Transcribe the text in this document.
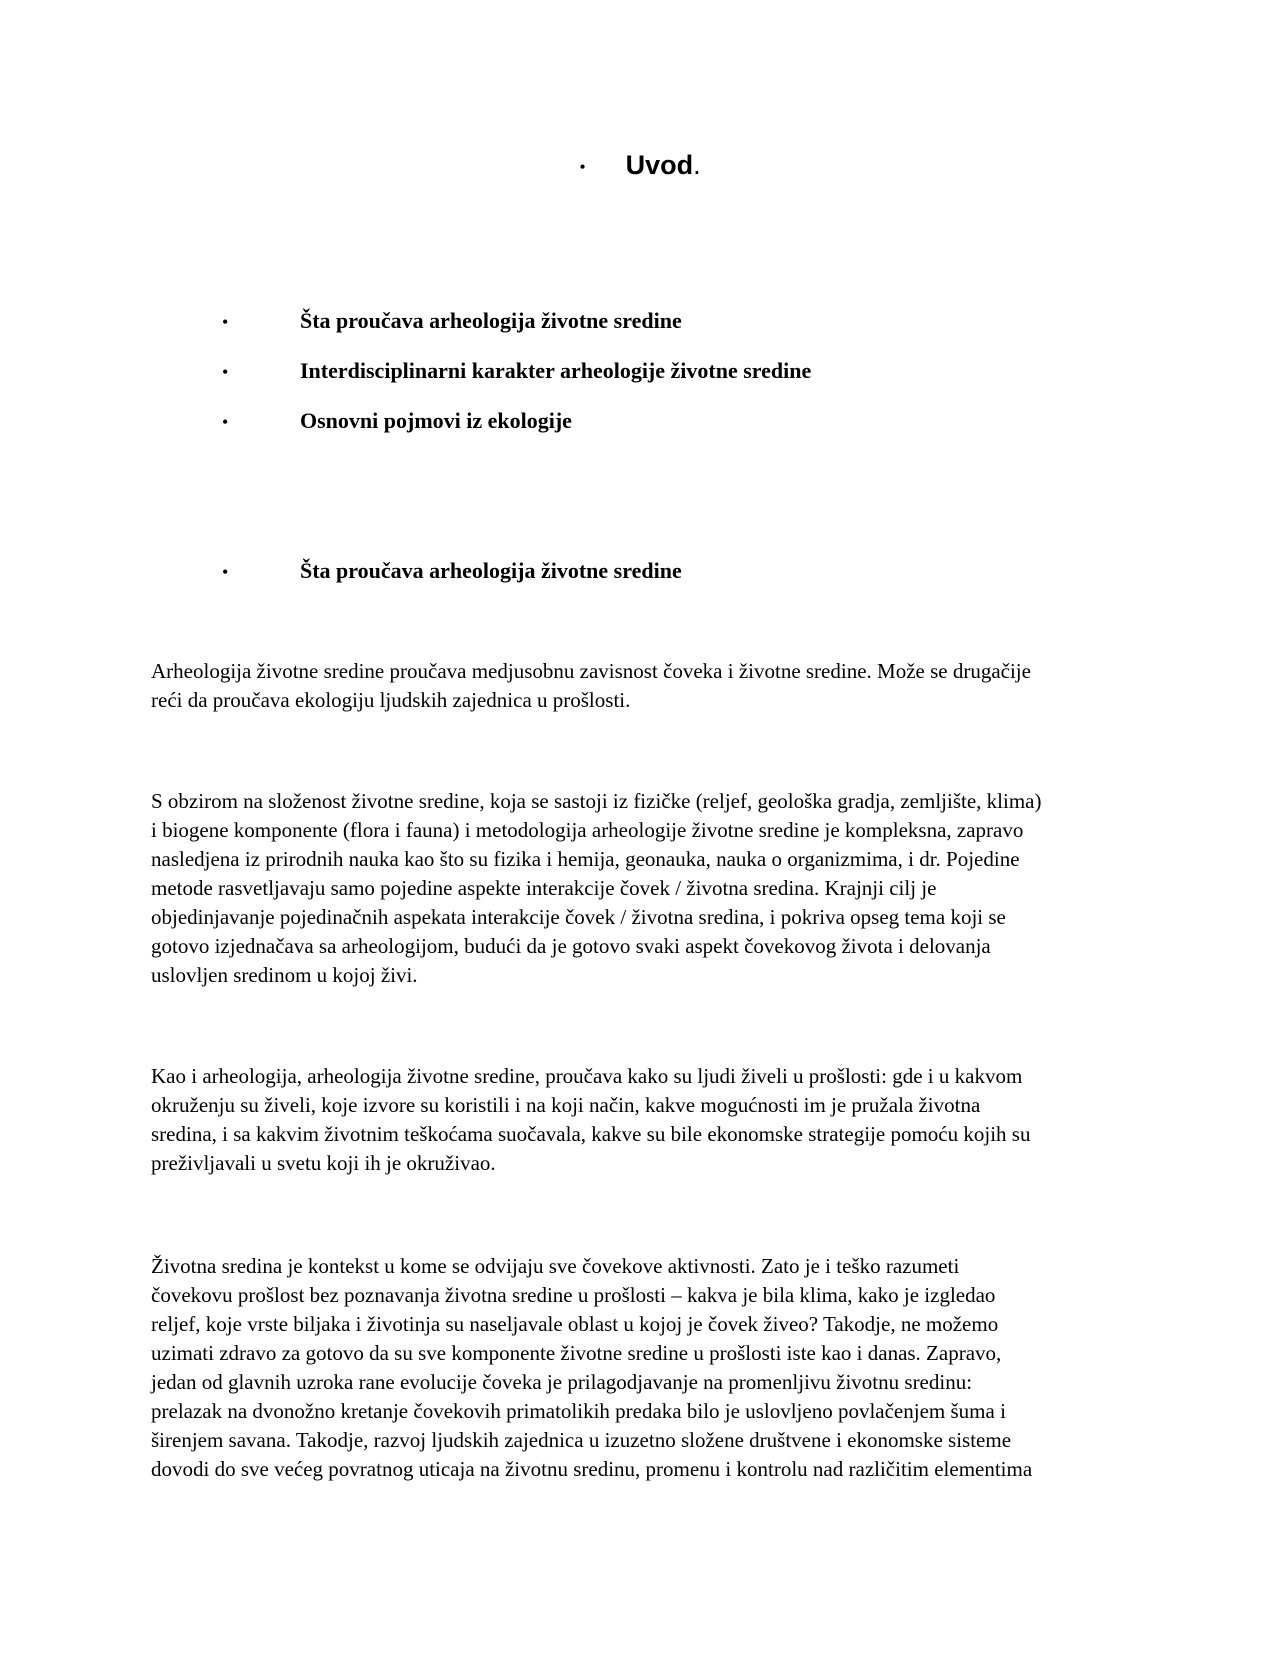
• Uvod.
•	Šta proučava arheologija životne sredine
•	Interdisciplinarni karakter arheologije životne sredine
•	Osnovni pojmovi iz ekologije
•	Šta proučava arheologija životne sredine

Arheologija životne sredine proučava medjusobnu zavisnost čoveka i životne sredine. Može se drugačije
reći da proučava ekologiju ljudskih zajednica u prošlosti.

S obzirom na složenost životne sredine, koja se sastoji iz fizičke (reljef, geološka gradja, zemljište, klima)
i biogene komponente (flora i fauna) i metodologija arheologije životne sredine je kompleksna, zapravo
nasledjena iz prirodnih nauka kao što su fizika i hemija, geonauka, nauka o organizmima, i dr. Pojedine
metode rasvetljavaju samo pojedine aspekte interakcije čovek / životna sredina. Krajnji cilj je
objedinjavanje pojedinačnih aspekata interakcije čovek / životna sredina, i pokriva opseg tema koji se
gotovo izjednačava sa arheologijom, budući da je gotovo svaki aspekt čovekovog života i delovanja
uslovljen sredinom u kojoj živi.

Kao i arheologija, arheologija životne sredine, proučava kako su ljudi živeli u prošlosti: gde i u kakvom
okruženju su živeli, koje izvore su koristili i na koji način, kakve mogućnosti im je pružala životna
sredina, i sa kakvim životnim teškoćama suočavala, kakve su bile ekonomske strategije pomoću kojih su
preživljavali u svetu koji ih je okruživao.

Životna sredina je kontekst u kome se odvijaju sve čovekove aktivnosti. Zato je i teško razumeti
čovekovu prošlost bez poznavanja životna sredine u prošlosti – kakva je bila klima, kako je izgledao
reljef, koje vrste biljaka i životinja su naseljavale oblast u kojoj je čovek živeo? Takodje, ne možemo
uzimati zdravo za gotovo da su sve komponente životne sredine u prošlosti iste kao i danas. Zapravo,
jedan od glavnih uzroka rane evolucije čoveka je prilagodjavanje na promenljivu životnu sredinu:
prelazak na dvonožno kretanje čovekovih primatolikih predaka bilo je uslovljeno povlačenjem šuma i
širenjem savana. Takodje, razvoj ljudskih zajednica u izuzetno složene društvene i ekonomske sisteme
dovodi do sve većeg povratnog uticaja na životnu sredinu, promenu i kontrolu nad različitim elementima
